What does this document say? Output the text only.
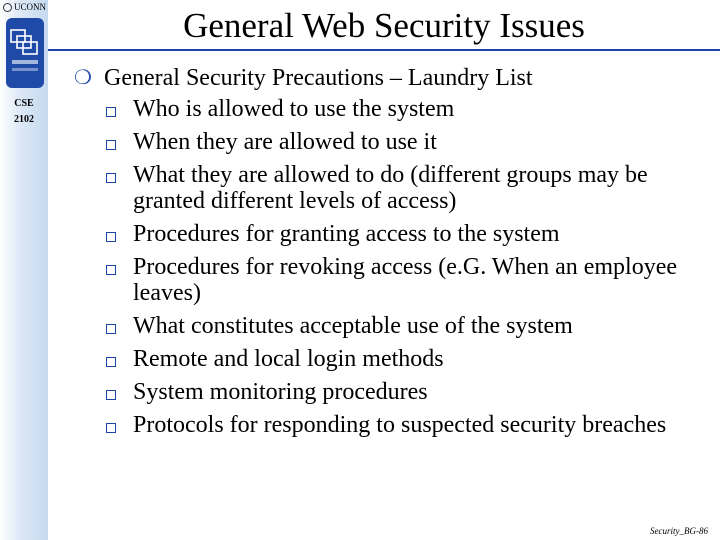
UCONN
CSE
2102
General Web Security Issues
❍ General Security Precautions – Laundry List
Who is allowed to use the system
When they are allowed to use it
What they are allowed to do (different groups may be granted different levels of access)
Procedures for granting access to the system
Procedures for revoking access (e.G. When an employee leaves)
What constitutes acceptable use of the system
Remote and local login methods
System monitoring procedures
Protocols for responding to suspected security breaches
Security_BG-86
